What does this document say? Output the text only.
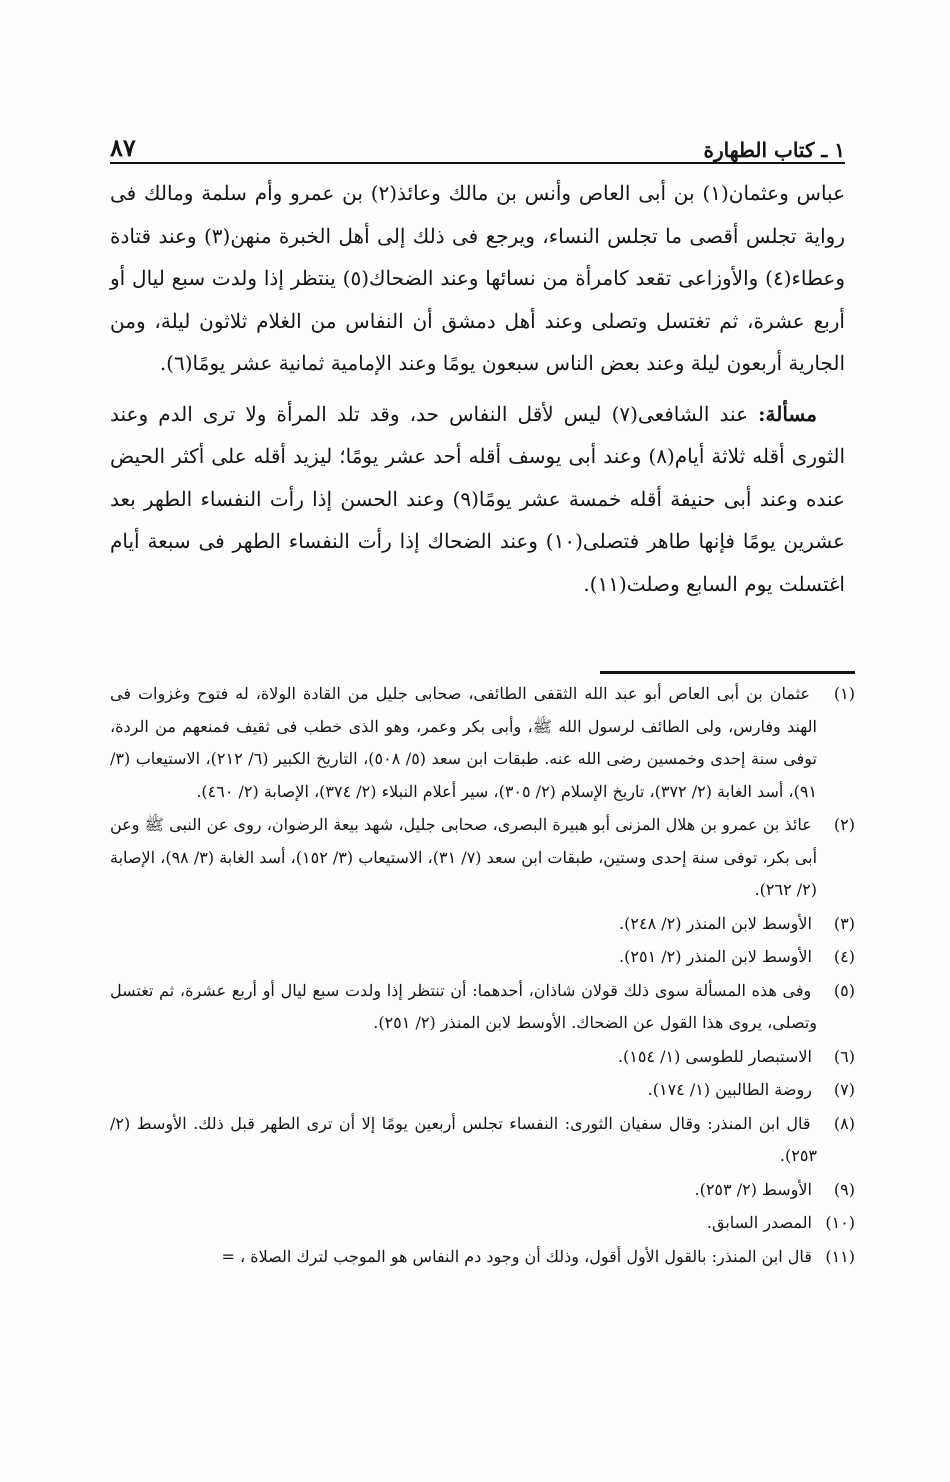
١ ـ كتاب الطهارة
٨٧

عباس وعثمان(١) بن أبى العاص وأنس بن مالك وعائذ(٢) بن عمرو وأم سلمة ومالك فى رواية تجلس أقصى ما تجلس النساء، ويرجع فى ذلك إلى أهل الخبرة منهن(٣) وعند قتادة وعطاء(٤) والأوزاعى تقعد كامرأة من نسائها وعند الضحاك(٥) ينتظر إذا ولدت سبع ليال أو أربع عشرة، ثم تغتسل وتصلى وعند أهل دمشق أن النفاس من الغلام ثلاثون ليلة، ومن الجارية أربعون ليلة وعند بعض الناس سبعون يومًا وعند الإمامية ثمانية عشر يومًا(٦).

مسألة: عند الشافعى(٧) ليس لأقل النفاس حد، وقد تلد المرأة ولا ترى الدم وعند الثورى أقله ثلاثة أيام(٨) وعند أبى يوسف أقله أحد عشر يومًا؛ ليزيد أقله على أكثر الحيض عنده وعند أبى حنيفة أقله خمسة عشر يومًا(٩) وعند الحسن إذا رأت النفساء الطهر بعد عشرين يومًا فإنها طاهر فتصلى(١٠) وعند الضحاك إذا رأت النفساء الطهر فى سبعة أيام اغتسلت يوم السابع وصلت(١١).

(١) عثمان بن أبى العاص أبو عبد الله الثقفى الطائفى، صحابى جليل من القادة الولاة، له فتوح وغزوات فى الهند وفارس، ولى الطائف لرسول الله ﷺ، وأبى بكر وعمر، وهو الذى خطب فى ثقيف فمنعهم من الردة، توفى سنة إحدى وخمسين رضى الله عنه. طبقات ابن سعد (٥/ ٥٠٨)، التاريخ الكبير (٦/ ٢١٢)، الاستيعاب (٣/ ٩١)، أسد الغابة (٢/ ٣٧٢)، تاريخ الإسلام (٢/ ٣٠٥)، سير أعلام النبلاء (٢/ ٣٧٤)، الإصابة (٢/ ٤٦٠).

(٢) عائذ بن عمرو بن هلال المزنى أبو هبيرة البصرى، صحابى جليل، شهد بيعة الرضوان، روى عن النبى ﷺ وعن أبى بكر، توفى سنة إحدى وستين، طبقات ابن سعد (٧/ ٣١)، الاستيعاب (٣/ ١٥٢)، أسد الغابة (٣/ ٩٨)، الإصابة (٢/ ٢٦٢).

(٣) الأوسط لابن المنذر (٢/ ٢٤٨).

(٤) الأوسط لابن المنذر (٢/ ٢٥١).

(٥) وفى هذه المسألة سوى ذلك قولان شاذان، أحدهما: أن تنتظر إذا ولدت سبع ليال أو أربع عشرة، ثم تغتسل وتصلى، يروى هذا القول عن الضحاك. الأوسط لابن المنذر (٢/ ٢٥١).

(٦) الاستبصار للطوسى (١/ ١٥٤).

(٧) روضة الطالبين (١/ ١٧٤).

(٨) قال ابن المنذر: وقال سفيان الثورى: النفساء تجلس أربعين يومًا إلا أن ترى الطهر قبل ذلك. الأوسط (٢/ ٢٥٣).

(٩) الأوسط (٢/ ٢٥٣).

(١٠) المصدر السابق.

(١١) قال ابن المنذر: بالقول الأول أقول، وذلك أن وجود دم النفاس هو الموجب لترك الصلاة ، =
